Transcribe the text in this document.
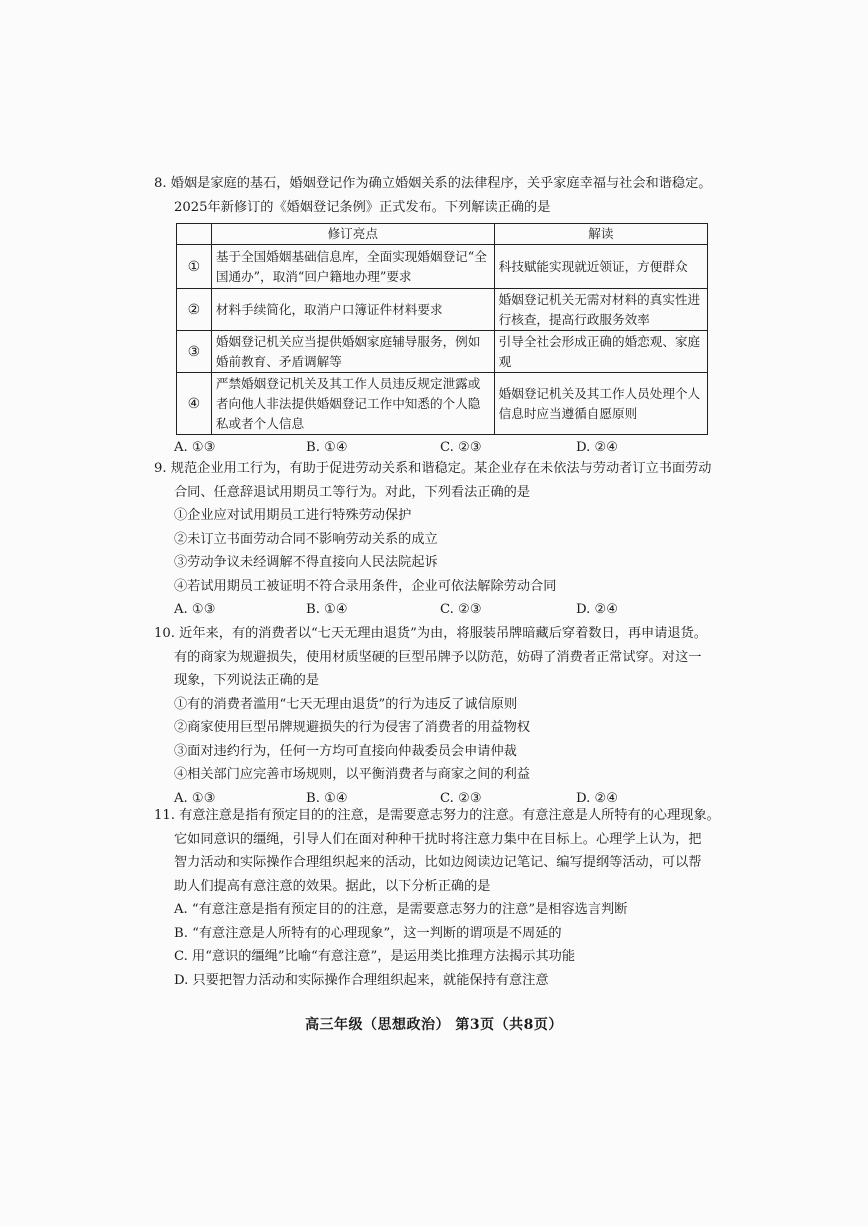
8. 婚姻是家庭的基石，婚姻登记作为确立婚姻关系的法律程序，关乎家庭幸福与社会和谐稳定。

2025年新修订的《婚姻登记条例》正式发布。下列解读正确的是

	修订亮点	解读
①	基于全国婚姻基础信息库，全面实现婚姻登记“全国通办”，取消“回户籍地办理”要求	科技赋能实现就近领证，方便群众
②	材料手续简化，取消户口簿证件材料要求	婚姻登记机关无需对材料的真实性进行核查，提高行政服务效率
③	婚姻登记机关应当提供婚姻家庭辅导服务，例如婚前教育、矛盾调解等	引导全社会形成正确的婚恋观、家庭观
④	严禁婚姻登记机关及其工作人员违反规定泄露或者向他人非法提供婚姻登记工作中知悉的个人隐私或者个人信息	婚姻登记机关及其工作人员处理个人信息时应当遵循自愿原则
A. ①③	B. ①④	C. ②③	D. ②④

9. 规范企业用工行为，有助于促进劳动关系和谐稳定。某企业存在未依法与劳动者订立书面劳动

合同、任意辞退试用期员工等行为。对此，下列看法正确的是

①企业应对试用期员工进行特殊劳动保护

②未订立书面劳动合同不影响劳动关系的成立

③劳动争议未经调解不得直接向人民法院起诉

④若试用期员工被证明不符合录用条件，企业可依法解除劳动合同

A. ①③	B. ①④	C. ②③	D. ②④

10. 近年来，有的消费者以“七天无理由退货”为由，将服装吊牌暗藏后穿着数日，再申请退货。

有的商家为规避损失，使用材质坚硬的巨型吊牌予以防范，妨碍了消费者正常试穿。对这一

现象，下列说法正确的是

①有的消费者滥用“七天无理由退货”的行为违反了诚信原则

②商家使用巨型吊牌规避损失的行为侵害了消费者的用益物权

③面对违约行为，任何一方均可直接向仲裁委员会申请仲裁

④相关部门应完善市场规则，以平衡消费者与商家之间的利益

A. ①③	B. ①④	C. ②③	D. ②④

11. 有意注意是指有预定目的的注意，是需要意志努力的注意。有意注意是人所特有的心理现象。

它如同意识的缰绳，引导人们在面对种种干扰时将注意力集中在目标上。心理学上认为，把

智力活动和实际操作合理组织起来的活动，比如边阅读边记笔记、编写提纲等活动，可以帮

助人们提高有意注意的效果。据此，以下分析正确的是

A. “有意注意是指有预定目的的注意，是需要意志努力的注意”是相容选言判断

B. “有意注意是人所特有的心理现象”，这一判断的谓项是不周延的

C. 用“意识的缰绳”比喻“有意注意”，是运用类比推理方法揭示其功能

D. 只要把智力活动和实际操作合理组织起来，就能保持有意注意

高三年级（思想政治） 第3页（共8页）
